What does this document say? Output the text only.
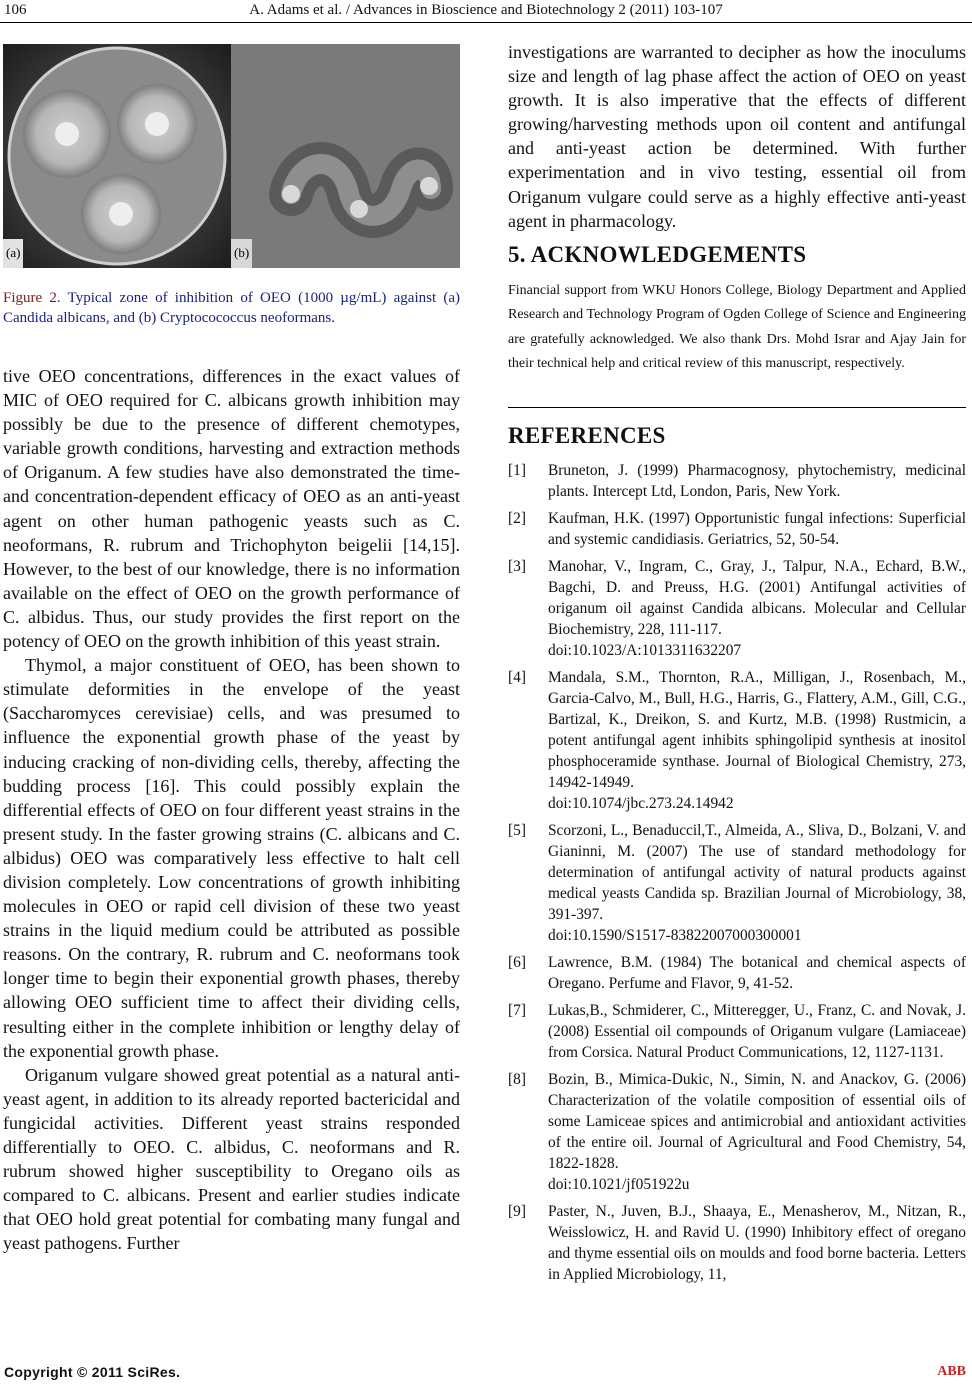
106	A. Adams et al. / Advances in Bioscience and Biotechnology 2 (2011) 103-107
(a)	(b)
Figure 2. Typical zone of inhibition of OEO (1000 µg/mL) against (a) Candida albicans, and (b) Cryptocococcus neoformans.

tive OEO concentrations, differences in the exact values of MIC of OEO required for C. albicans growth inhibition may possibly be due to the presence of different chemotypes, variable growth conditions, harvesting and extraction methods of Origanum. A few studies have also demonstrated the time-and concentration-dependent efficacy of OEO as an anti-yeast agent on other human pathogenic yeasts such as C. neoformans, R. rubrum and Trichophyton beigelii [14,15]. However, to the best of our knowledge, there is no information available on the effect of OEO on the growth performance of C. albidus. Thus, our study provides the first report on the potency of OEO on the growth inhibition of this yeast strain.

Thymol, a major constituent of OEO, has been shown to stimulate deformities in the envelope of the yeast (Saccharomyces cerevisiae) cells, and was presumed to influence the exponential growth phase of the yeast by inducing cracking of non-dividing cells, thereby, affecting the budding process [16]. This could possibly explain the differential effects of OEO on four different yeast strains in the present study. In the faster growing strains (C. albicans and C. albidus) OEO was comparatively less effective to halt cell division completely. Low concentrations of growth inhibiting molecules in OEO or rapid cell division of these two yeast strains in the liquid medium could be attributed as possible reasons. On the contrary, R. rubrum and C. neoformans took longer time to begin their exponential growth phases, thereby allowing OEO sufficient time to affect their dividing cells, resulting either in the complete inhibition or lengthy delay of the exponential growth phase.

Origanum vulgare showed great potential as a natural anti-yeast agent, in addition to its already reported bactericidal and fungicidal activities. Different yeast strains responded differentially to OEO. C. albidus, C. neoformans and R. rubrum showed higher susceptibility to Oregano oils as compared to C. albicans. Present and earlier studies indicate that OEO hold great potential for combating many fungal and yeast pathogens. Further

investigations are warranted to decipher as how the inoculums size and length of lag phase affect the action of OEO on yeast growth. It is also imperative that the effects of different growing/harvesting methods upon oil content and antifungal and anti-yeast action be determined. With further experimentation and in vivo testing, essential oil from Origanum vulgare could serve as a highly effective anti-yeast agent in pharmacology.

5. ACKNOWLEDGEMENTS
Financial support from WKU Honors College, Biology Department and Applied Research and Technology Program of Ogden College of Science and Engineering are gratefully acknowledged. We also thank Drs. Mohd Israr and Ajay Jain for their technical help and critical review of this manuscript, respectively.
REFERENCES
[1]	Bruneton, J. (1999) Pharmacognosy, phytochemistry, medicinal plants. Intercept Ltd, London, Paris, New York.
[2]	Kaufman, H.K. (1997) Opportunistic fungal infections: Superficial and systemic candidiasis. Geriatrics, 52, 50-54.
[3]	Manohar, V., Ingram, C., Gray, J., Talpur, N.A., Echard, B.W., Bagchi, D. and Preuss, H.G. (2001) Antifungal activities of origanum oil against Candida albicans. Molecular and Cellular Biochemistry, 228, 111-117.
doi:10.1023/A:1013311632207
[4]	Mandala, S.M., Thornton, R.A., Milligan, J., Rosenbach, M., Garcia-Calvo, M., Bull, H.G., Harris, G., Flattery, A.M., Gill, C.G., Bartizal, K., Dreikon, S. and Kurtz, M.B. (1998) Rustmicin, a potent antifungal agent inhibits sphingolipid synthesis at inositol phosphoceramide synthase. Journal of Biological Chemistry, 273, 14942-14949.
doi:10.1074/jbc.273.24.14942
[5]	Scorzoni, L., Benaduccil,T., Almeida, A., Sliva, D., Bolzani, V. and Gianinni, M. (2007) The use of standard methodology for determination of antifungal activity of natural products against medical yeasts Candida sp. Brazilian Journal of Microbiology, 38, 391-397.
doi:10.1590/S1517-83822007000300001
[6]	Lawrence, B.M. (1984) The botanical and chemical aspects of Oregano. Perfume and Flavor, 9, 41-52.
[7]	Lukas,B., Schmiderer, C., Mitteregger, U., Franz, C. and Novak, J. (2008) Essential oil compounds of Origanum vulgare (Lamiaceae) from Corsica. Natural Product Communications, 12, 1127-1131.
[8]	Bozin, B., Mimica-Dukic, N., Simin, N. and Anackov, G. (2006) Characterization of the volatile composition of essential oils of some Lamiceae spices and antimicrobial and antioxidant activities of the entire oil. Journal of Agricultural and Food Chemistry, 54, 1822-1828.
doi:10.1021/jf051922u
[9]	Paster, N., Juven, B.J., Shaaya, E., Menasherov, M., Nitzan, R., Weisslowicz, H. and Ravid U. (1990) Inhibitory effect of oregano and thyme essential oils on moulds and food borne bacteria. Letters in Applied Microbiology, 11,
Copyright © 2011 SciRes.	ABB
